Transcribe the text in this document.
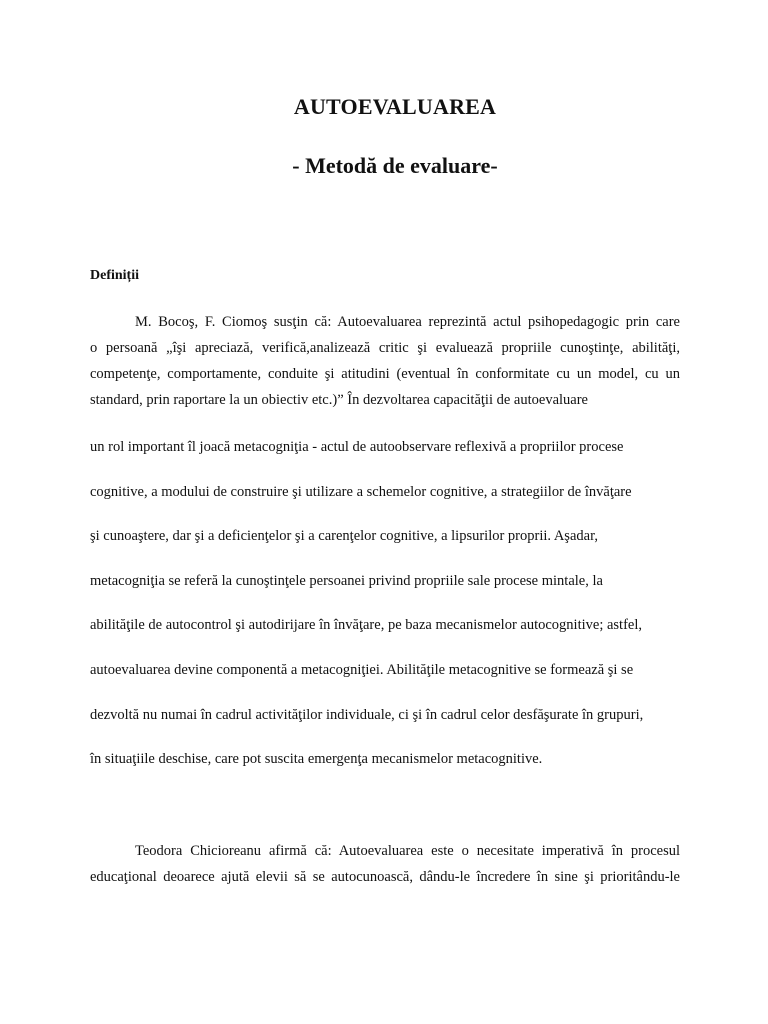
AUTOEVALUAREA
- Metodă de evaluare-
Definiții
M. Bocoş, F. Ciomoş susţin că: Autoevaluarea reprezintă actul psihopedagogic prin care
o persoană „îşi apreciază, verifică,analizează critic şi evaluează propriile cunoştinţe, abilităţi,
competenţe, comportamente, conduite şi atitudini (eventual în conformitate cu un model, cu un
standard, prin raportare la un obiectiv etc.)” În dezvoltarea capacităţii de autoevaluare
un rol important îl joacă metacogniţia - actul de autoobservare reflexivă a propriilor procese
cognitive, a modului de construire şi utilizare a schemelor cognitive, a strategiilor de învăţare
şi cunoaştere, dar şi a deficienţelor şi a carenţelor cognitive, a lipsurilor proprii. Aşadar,
metacogniţia se referă la cunoştinţele persoanei privind propriile sale procese mintale, la
abilităţile de autocontrol şi autodirijare în învăţare, pe baza mecanismelor autocognitive; astfel,
autoevaluarea devine componentă a metacogniţiei. Abilităţile metacognitive se formează şi se
dezvoltă nu numai în cadrul activităţilor individuale, ci şi în cadrul celor desfăşurate în grupuri,
în situaţiile deschise, care pot suscita emergenţa mecanismelor metacognitive.
Teodora Chicioreanu afirmă că: Autoevaluarea este o necesitate imperativă în procesul
educaţional deoarece ajută elevii să se autocunoască, dându-le încredere în sine şi prioritându-le
